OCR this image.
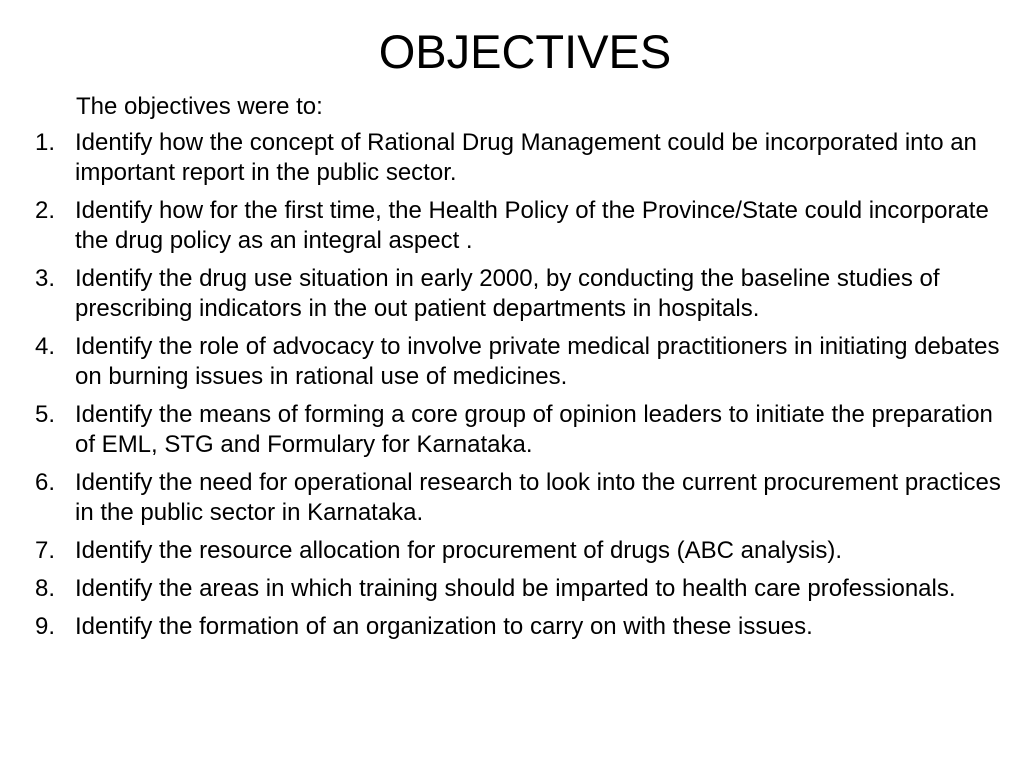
OBJECTIVES

The objectives were to:

1. Identify how the concept of Rational Drug Management could be incorporated into an important report in the public sector.
2. Identify how for the first time, the Health Policy of the Province/State could incorporate the drug policy as an integral aspect .
3. Identify the drug use situation in early 2000, by conducting the baseline studies of prescribing indicators in the out patient departments in hospitals.
4. Identify the role of advocacy to involve private medical practitioners in initiating debates on burning issues in rational use of medicines.
5. Identify the means of forming a core group of opinion leaders to initiate the preparation of EML, STG and Formulary for Karnataka.
6. Identify the need for operational research to look into the current procurement practices in the public sector in Karnataka.
7. Identify the resource allocation for procurement of drugs (ABC analysis).
8. Identify the areas in which training should be imparted to health care professionals.
9. Identify the formation of an organization to carry on with these issues.
